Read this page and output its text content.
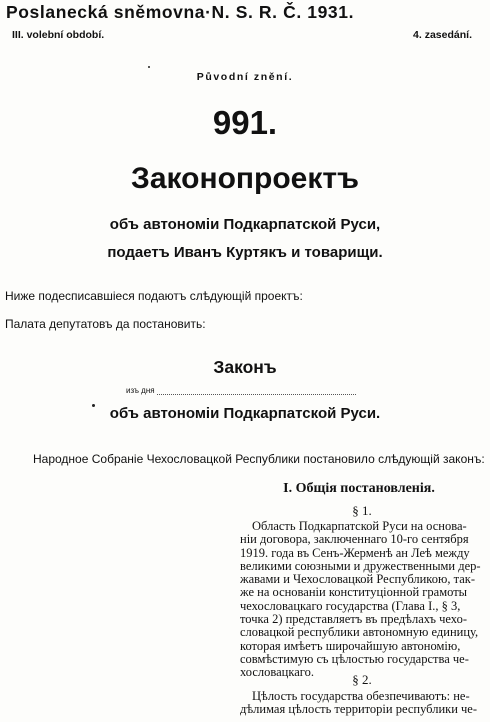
Poslanecká sněmovna·N. S. R. Č. 1931.
III. volební období.	4. zasedání.
Původní znění.
991.
Законопроектъ
объ автономіи Подкарпатской Руси,
подаетъ Иванъ Куртякъ и товарищи.
Ниже подесписавшiеся подаютъ слѣдующiй проектъ:
Палата депутатовъ да постановить:
Законъ
изъ дня
объ автономіи Подкарпатской Руси.
Народное Собранiе Чехословацкой Республики постановило слѣдующiй законъ:
I. Общiя постановленія.
§ 1.
Область Подкарпатской Руси на основа-
нiи договора, заключеннаго 10-го сентября
1919. года въ Сенъ-Жерменѣ ан Леѣ между
великими союзными и дружественными дер-
жавами и Чехословацкой Республикою, так-
же на основанiи конституцiонной грамоты
чехословацкаго государства (Глава I., § 3,
точка 2) представляетъ въ предѣлахъ чехо-
словацкой республики автономную единицу,
которая имѣетъ широчайшую автономiю,
совмѣстимую съ цѣлостью государства че-
хословацкаго.	§ 2.
Цѣлость государства обезпечиваютъ: не-
дѣлимая цѣлость территорiи республики че-
